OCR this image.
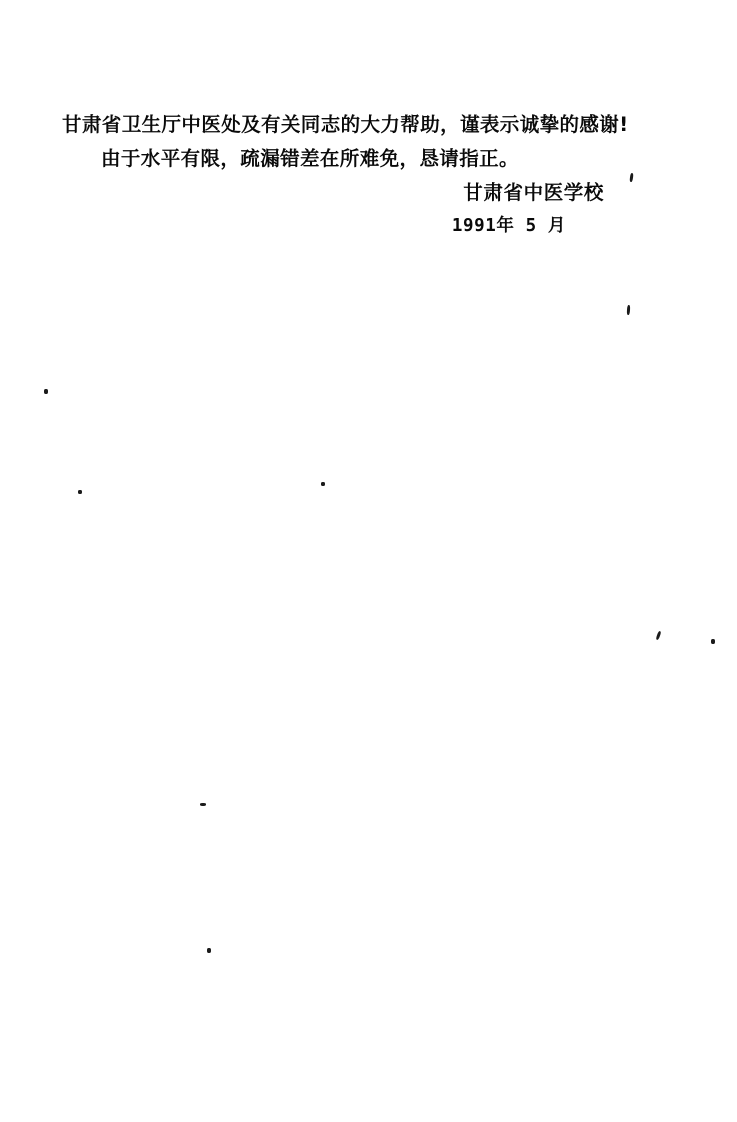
甘肃省卫生厅中医处及有关同志的大力帮助，谨表示诚挚的感谢!

由于水平有限，疏漏错差在所难免，恳请指正。

甘肃省中医学校

1991年 5 月
